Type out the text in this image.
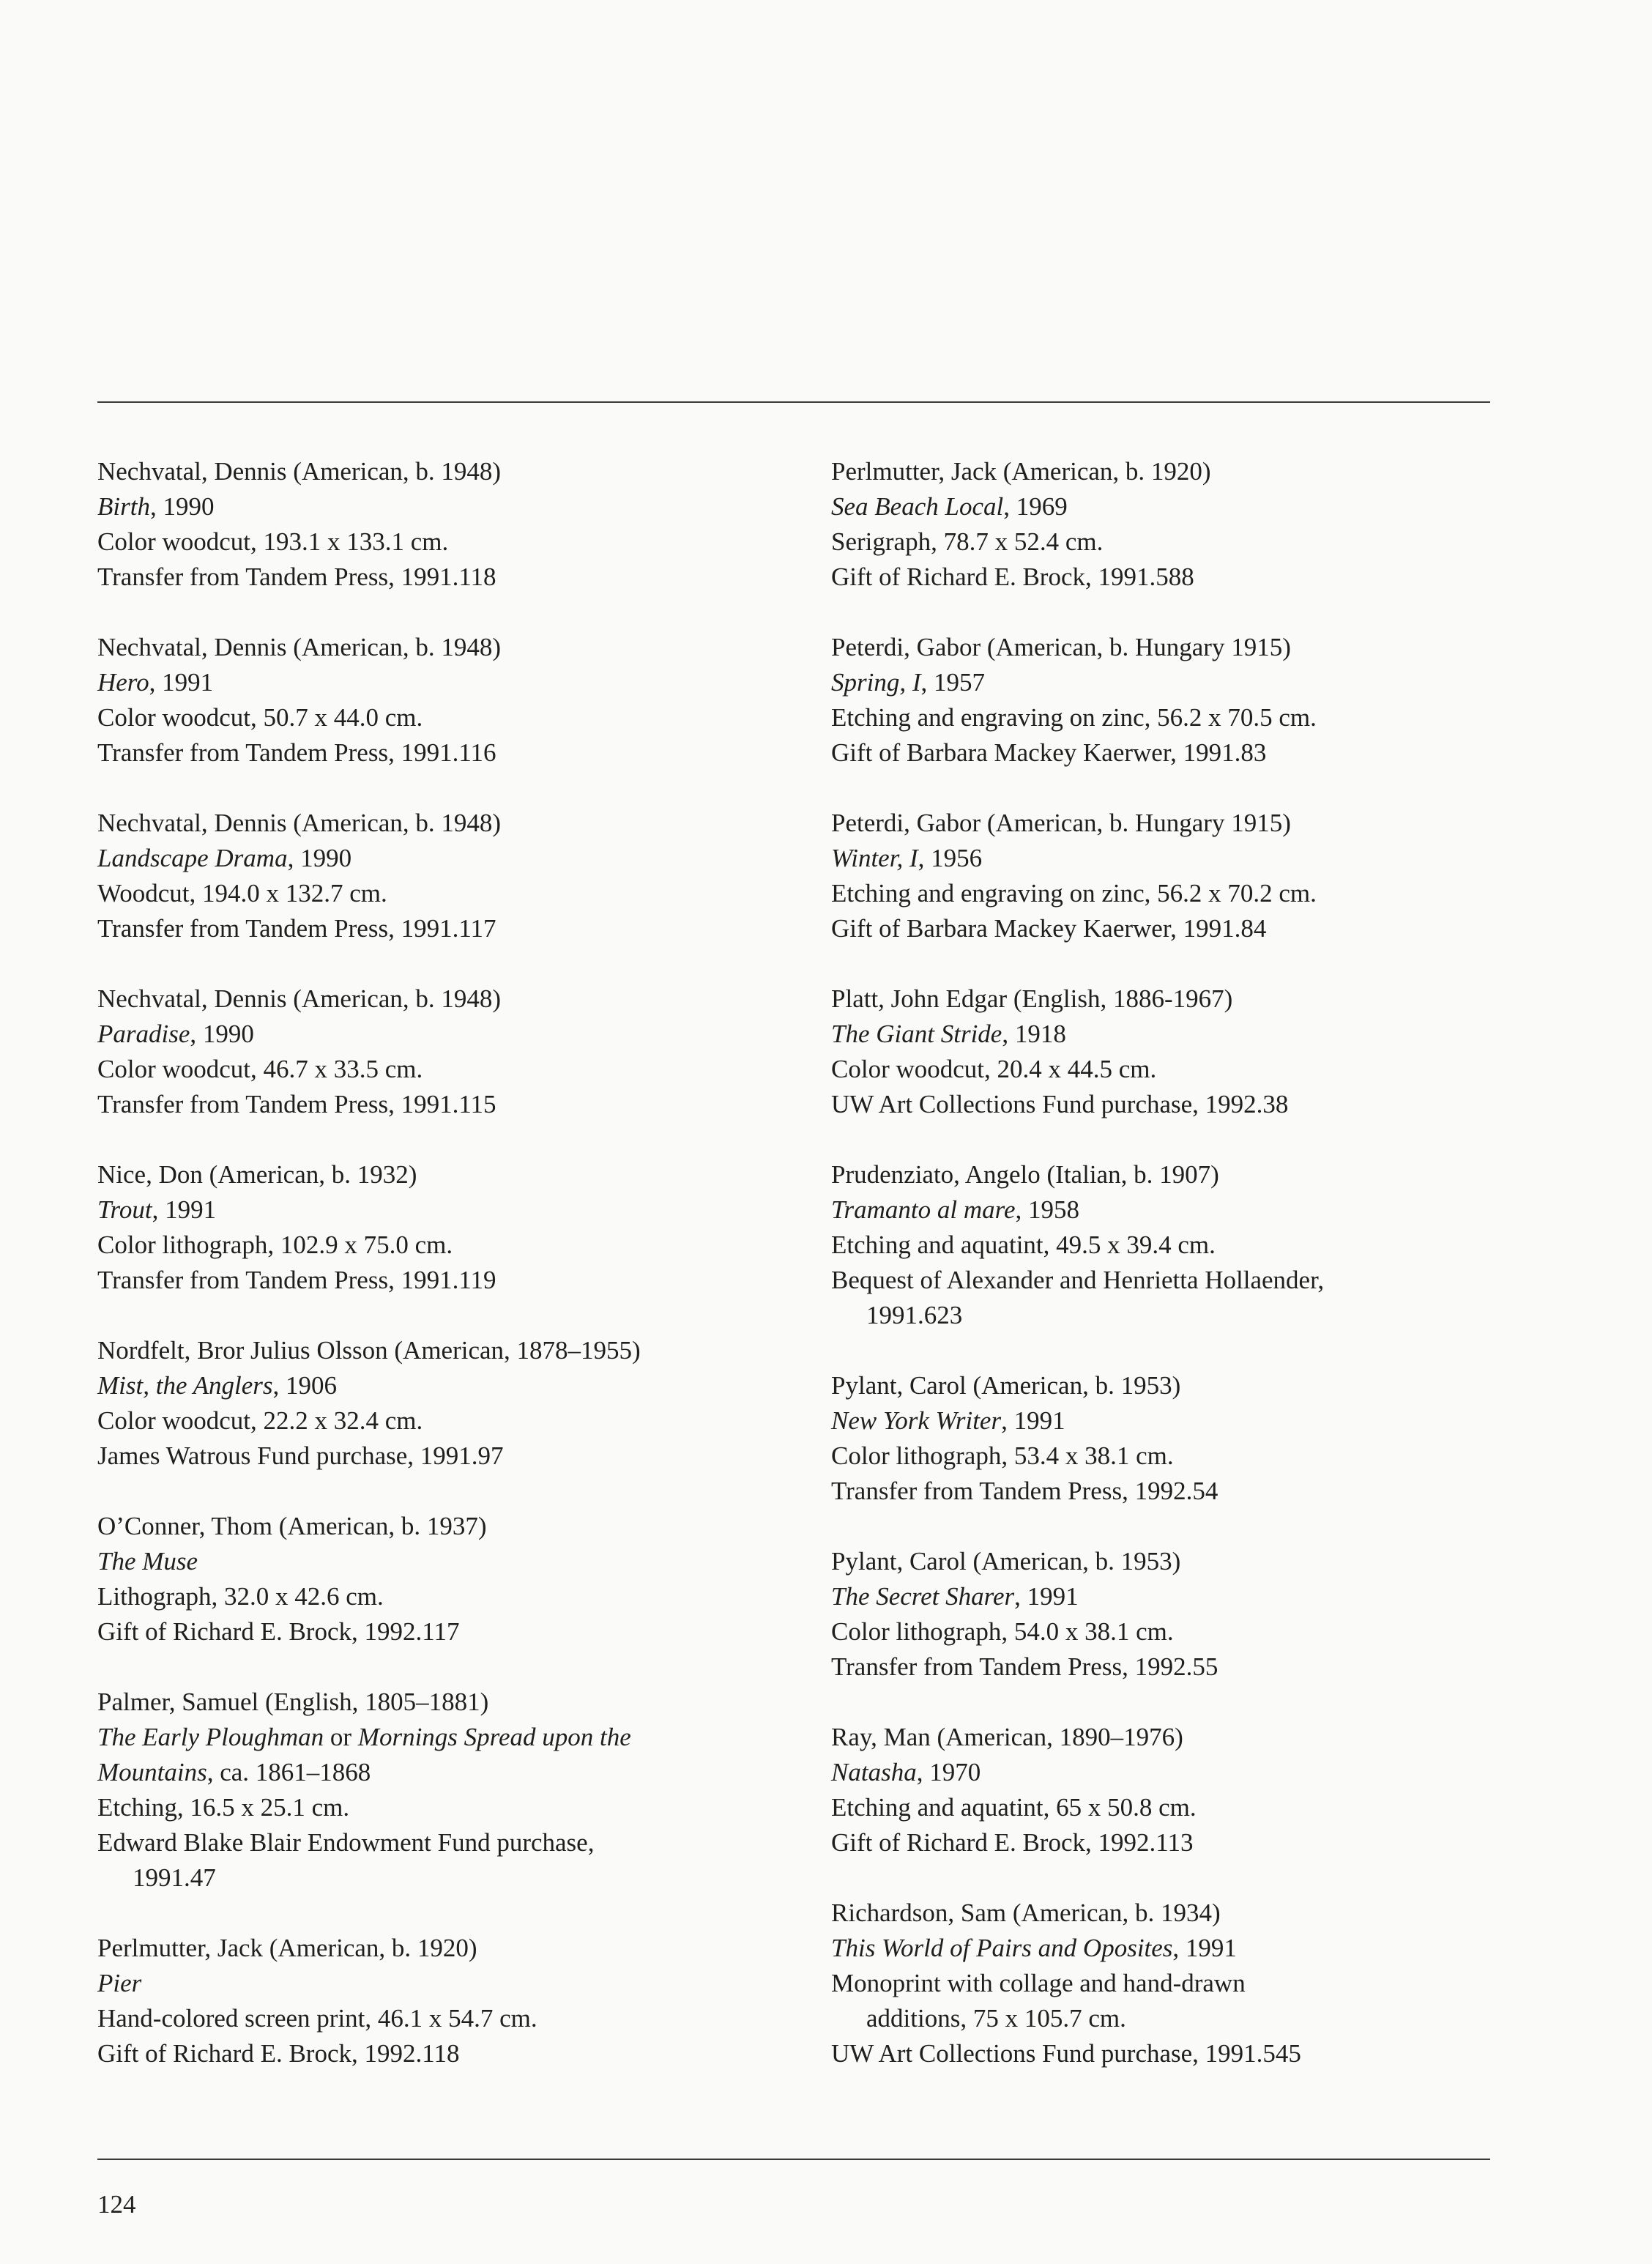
Nechvatal, Dennis (American, b. 1948)
Birth, 1990
Color woodcut, 193.1 x 133.1 cm.
Transfer from Tandem Press, 1991.118
Nechvatal, Dennis (American, b. 1948)
Hero, 1991
Color woodcut, 50.7 x 44.0 cm.
Transfer from Tandem Press, 1991.116
Nechvatal, Dennis (American, b. 1948)
Landscape Drama, 1990
Woodcut, 194.0 x 132.7 cm.
Transfer from Tandem Press, 1991.117
Nechvatal, Dennis (American, b. 1948)
Paradise, 1990
Color woodcut, 46.7 x 33.5 cm.
Transfer from Tandem Press, 1991.115
Nice, Don (American, b. 1932)
Trout, 1991
Color lithograph, 102.9 x 75.0 cm.
Transfer from Tandem Press, 1991.119
Nordfelt, Bror Julius Olsson (American, 1878–1955)
Mist, the Anglers, 1906
Color woodcut, 22.2 x 32.4 cm.
James Watrous Fund purchase, 1991.97
O’Conner, Thom (American, b. 1937)
The Muse
Lithograph, 32.0 x 42.6 cm.
Gift of Richard E. Brock, 1992.117
Palmer, Samuel (English, 1805–1881)
The Early Ploughman or Mornings Spread upon the
Mountains, ca. 1861–1868
Etching, 16.5 x 25.1 cm.
Edward Blake Blair Endowment Fund purchase,
1991.47
Perlmutter, Jack (American, b. 1920)
Pier
Hand-colored screen print, 46.1 x 54.7 cm.
Gift of Richard E. Brock, 1992.118
Perlmutter, Jack (American, b. 1920)
Sea Beach Local, 1969
Serigraph, 78.7 x 52.4 cm.
Gift of Richard E. Brock, 1991.588
Peterdi, Gabor (American, b. Hungary 1915)
Spring, I, 1957
Etching and engraving on zinc, 56.2 x 70.5 cm.
Gift of Barbara Mackey Kaerwer, 1991.83
Peterdi, Gabor (American, b. Hungary 1915)
Winter, I, 1956
Etching and engraving on zinc, 56.2 x 70.2 cm.
Gift of Barbara Mackey Kaerwer, 1991.84
Platt, John Edgar (English, 1886-1967)
The Giant Stride, 1918
Color woodcut, 20.4 x 44.5 cm.
UW Art Collections Fund purchase, 1992.38
Prudenziato, Angelo (Italian, b. 1907)
Tramanto al mare, 1958
Etching and aquatint, 49.5 x 39.4 cm.
Bequest of Alexander and Henrietta Hollaender,
1991.623
Pylant, Carol (American, b. 1953)
New York Writer, 1991
Color lithograph, 53.4 x 38.1 cm.
Transfer from Tandem Press, 1992.54
Pylant, Carol (American, b. 1953)
The Secret Sharer, 1991
Color lithograph, 54.0 x 38.1 cm.
Transfer from Tandem Press, 1992.55
Ray, Man (American, 1890–1976)
Natasha, 1970
Etching and aquatint, 65 x 50.8 cm.
Gift of Richard E. Brock, 1992.113
Richardson, Sam (American, b. 1934)
This World of Pairs and Oposites, 1991
Monoprint with collage and hand-drawn
additions, 75 x 105.7 cm.
UW Art Collections Fund purchase, 1991.545
124
